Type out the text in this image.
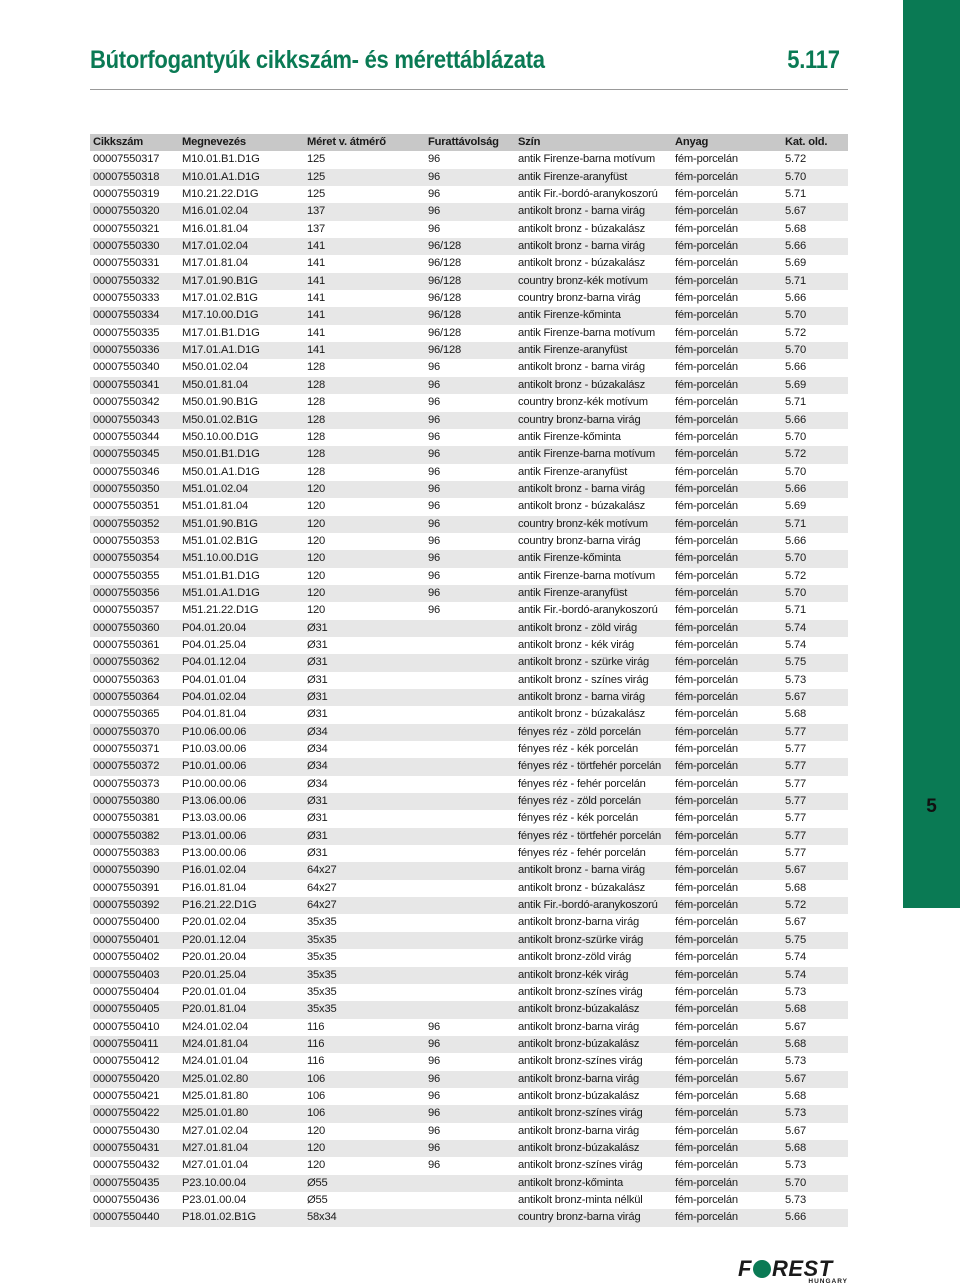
Bútorfogantyúk cikkszám- és mérettáblázata	5.117
5
Cikkszám	Megnevezés	Méret v. átmérő	Furattávolság	Szín	Anyag	Kat. old.
00007550317	M10.01.B1.D1G	125	96	antik Firenze-barna motívum	fém-porcelán	5.72
00007550318	M10.01.A1.D1G	125	96	antik Firenze-aranyfüst	fém-porcelán	5.70
00007550319	M10.21.22.D1G	125	96	antik Fir.-bordó-aranykoszorú	fém-porcelán	5.71
00007550320	M16.01.02.04	137	96	antikolt bronz - barna virág	fém-porcelán	5.67
00007550321	M16.01.81.04	137	96	antikolt bronz - búzakalász	fém-porcelán	5.68
00007550330	M17.01.02.04	141	96/128	antikolt bronz - barna virág	fém-porcelán	5.66
00007550331	M17.01.81.04	141	96/128	antikolt bronz - búzakalász	fém-porcelán	5.69
00007550332	M17.01.90.B1G	141	96/128	country bronz-kék motívum	fém-porcelán	5.71
00007550333	M17.01.02.B1G	141	96/128	country bronz-barna virág	fém-porcelán	5.66
00007550334	M17.10.00.D1G	141	96/128	antik Firenze-kőminta	fém-porcelán	5.70
00007550335	M17.01.B1.D1G	141	96/128	antik Firenze-barna motívum	fém-porcelán	5.72
00007550336	M17.01.A1.D1G	141	96/128	antik Firenze-aranyfüst	fém-porcelán	5.70
00007550340	M50.01.02.04	128	96	antikolt bronz - barna virág	fém-porcelán	5.66
00007550341	M50.01.81.04	128	96	antikolt bronz - búzakalász	fém-porcelán	5.69
00007550342	M50.01.90.B1G	128	96	country bronz-kék motívum	fém-porcelán	5.71
00007550343	M50.01.02.B1G	128	96	country bronz-barna virág	fém-porcelán	5.66
00007550344	M50.10.00.D1G	128	96	antik Firenze-kőminta	fém-porcelán	5.70
00007550345	M50.01.B1.D1G	128	96	antik Firenze-barna motívum	fém-porcelán	5.72
00007550346	M50.01.A1.D1G	128	96	antik Firenze-aranyfüst	fém-porcelán	5.70
00007550350	M51.01.02.04	120	96	antikolt bronz - barna virág	fém-porcelán	5.66
00007550351	M51.01.81.04	120	96	antikolt bronz - búzakalász	fém-porcelán	5.69
00007550352	M51.01.90.B1G	120	96	country bronz-kék motívum	fém-porcelán	5.71
00007550353	M51.01.02.B1G	120	96	country bronz-barna virág	fém-porcelán	5.66
00007550354	M51.10.00.D1G	120	96	antik Firenze-kőminta	fém-porcelán	5.70
00007550355	M51.01.B1.D1G	120	96	antik Firenze-barna motívum	fém-porcelán	5.72
00007550356	M51.01.A1.D1G	120	96	antik Firenze-aranyfüst	fém-porcelán	5.70
00007550357	M51.21.22.D1G	120	96	antik Fir.-bordó-aranykoszorú	fém-porcelán	5.71
00007550360	P04.01.20.04	Ø31		antikolt bronz - zöld virág	fém-porcelán	5.74
00007550361	P04.01.25.04	Ø31		antikolt bronz - kék virág	fém-porcelán	5.74
00007550362	P04.01.12.04	Ø31		antikolt bronz - szürke virág	fém-porcelán	5.75
00007550363	P04.01.01.04	Ø31		antikolt bronz - színes virág	fém-porcelán	5.73
00007550364	P04.01.02.04	Ø31		antikolt bronz - barna virág	fém-porcelán	5.67
00007550365	P04.01.81.04	Ø31		antikolt bronz - búzakalász	fém-porcelán	5.68
00007550370	P10.06.00.06	Ø34		fényes réz - zöld porcelán	fém-porcelán	5.77
00007550371	P10.03.00.06	Ø34		fényes réz - kék porcelán	fém-porcelán	5.77
00007550372	P10.01.00.06	Ø34		fényes réz - törtfehér porcelán	fém-porcelán	5.77
00007550373	P10.00.00.06	Ø34		fényes réz - fehér porcelán	fém-porcelán	5.77
00007550380	P13.06.00.06	Ø31		fényes réz - zöld porcelán	fém-porcelán	5.77
00007550381	P13.03.00.06	Ø31		fényes réz - kék porcelán	fém-porcelán	5.77
00007550382	P13.01.00.06	Ø31		fényes réz - törtfehér porcelán	fém-porcelán	5.77
00007550383	P13.00.00.06	Ø31		fényes réz - fehér porcelán	fém-porcelán	5.77
00007550390	P16.01.02.04	64x27		antikolt bronz - barna virág	fém-porcelán	5.67
00007550391	P16.01.81.04	64x27		antikolt bronz - búzakalász	fém-porcelán	5.68
00007550392	P16.21.22.D1G	64x27		antik Fir.-bordó-aranykoszorú	fém-porcelán	5.72
00007550400	P20.01.02.04	35x35		antikolt bronz-barna virág	fém-porcelán	5.67
00007550401	P20.01.12.04	35x35		antikolt bronz-szürke virág	fém-porcelán	5.75
00007550402	P20.01.20.04	35x35		antikolt bronz-zöld virág	fém-porcelán	5.74
00007550403	P20.01.25.04	35x35		antikolt bronz-kék virág	fém-porcelán	5.74
00007550404	P20.01.01.04	35x35		antikolt bronz-színes virág	fém-porcelán	5.73
00007550405	P20.01.81.04	35x35		antikolt bronz-búzakalász	fém-porcelán	5.68
00007550410	M24.01.02.04	116	96	antikolt bronz-barna virág	fém-porcelán	5.67
00007550411	M24.01.81.04	116	96	antikolt bronz-búzakalász	fém-porcelán	5.68
00007550412	M24.01.01.04	116	96	antikolt bronz-színes virág	fém-porcelán	5.73
00007550420	M25.01.02.80	106	96	antikolt bronz-barna virág	fém-porcelán	5.67
00007550421	M25.01.81.80	106	96	antikolt bronz-búzakalász	fém-porcelán	5.68
00007550422	M25.01.01.80	106	96	antikolt bronz-színes virág	fém-porcelán	5.73
00007550430	M27.01.02.04	120	96	antikolt bronz-barna virág	fém-porcelán	5.67
00007550431	M27.01.81.04	120	96	antikolt bronz-búzakalász	fém-porcelán	5.68
00007550432	M27.01.01.04	120	96	antikolt bronz-színes virág	fém-porcelán	5.73
00007550435	P23.10.00.04	Ø55		antikolt bronz-kőminta	fém-porcelán	5.70
00007550436	P23.01.00.04	Ø55		antikolt bronz-minta nélkül	fém-porcelán	5.73
00007550440	P18.01.02.B1G	58x34		country bronz-barna virág	fém-porcelán	5.66
F REST
HUNGARY
